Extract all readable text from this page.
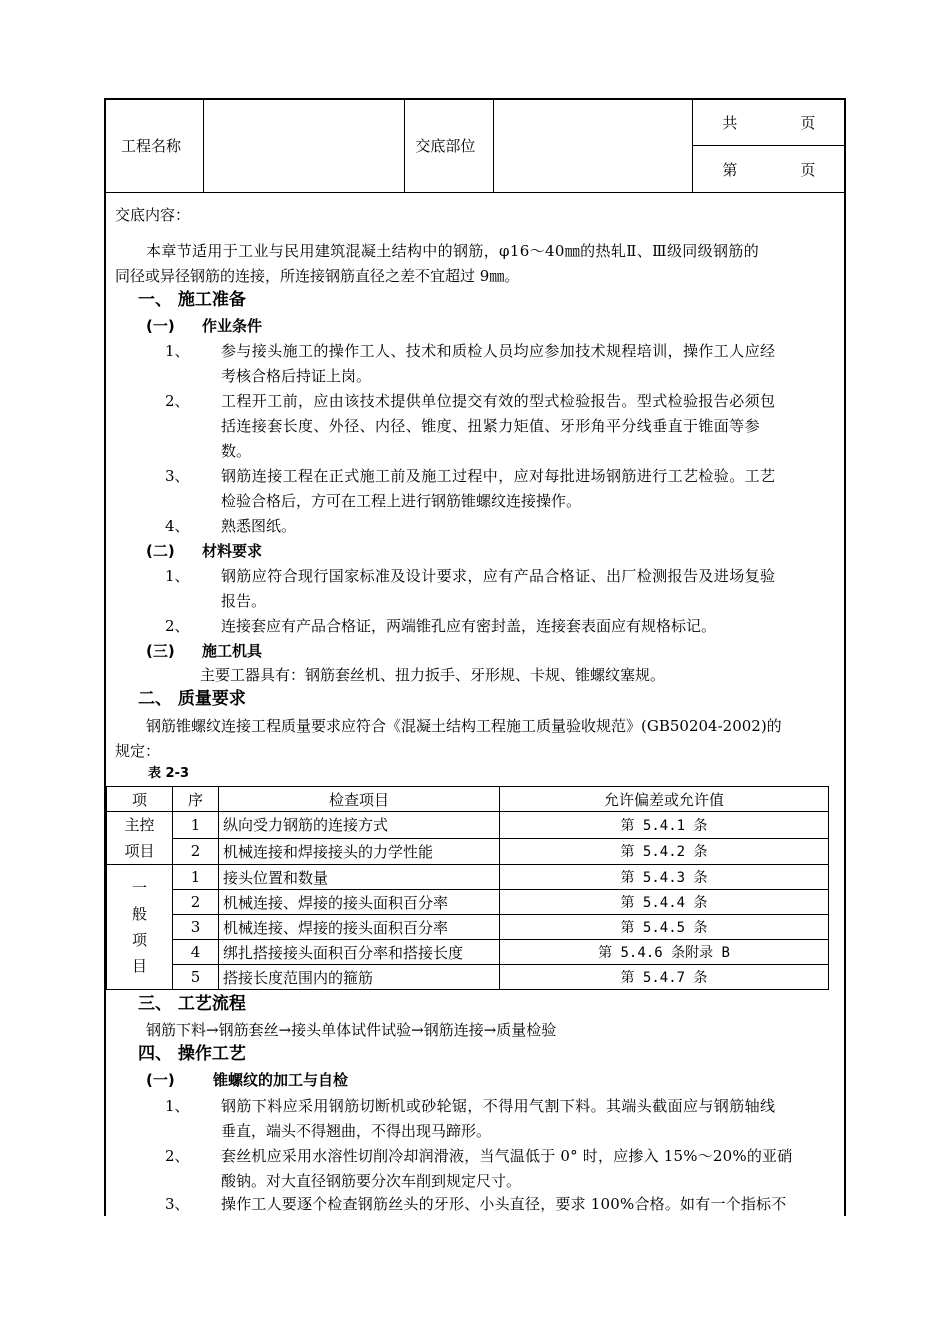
工程名称		交底部位		共	页
第	页
交底内容：
本章节适用于工业与民用建筑混凝土结构中的钢筋，φ16～40㎜的热轧Ⅱ、Ⅲ级同级钢筋的
同径或异径钢筋的连接，所连接钢筋直径之差不宜超过 9㎜。
一、 施工准备
(一) 作业条件
1、 参与接头施工的操作工人、技术和质检人员均应参加技术规程培训，操作工人应经
考核合格后持证上岗。
2、 工程开工前，应由该技术提供单位提交有效的型式检验报告。型式检验报告必须包
括连接套长度、外径、内径、锥度、扭紧力矩值、牙形角平分线垂直于锥面等参
数。
3、 钢筋连接工程在正式施工前及施工过程中，应对每批进场钢筋进行工艺检验。工艺
检验合格后，方可在工程上进行钢筋锥螺纹连接操作。
4、 熟悉图纸。
(二) 材料要求
1、 钢筋应符合现行国家标准及设计要求，应有产品合格证、出厂检测报告及进场复验
报告。
2、 连接套应有产品合格证，两端锥孔应有密封盖，连接套表面应有规格标记。
(三) 施工机具
主要工器具有：钢筋套丝机、扭力扳手、牙形规、卡规、锥螺纹塞规。
二、 质量要求
钢筋锥螺纹连接工程质量要求应符合《混凝土结构工程施工质量验收规范》(GB50204-2002)的
规定：
表 2-3
项	序	检查项目	允许偏差或允许值
主控
项目	1	纵向受力钢筋的连接方式	第 5.4.1 条
	2	机械连接和焊接接头的力学性能	第 5.4.2 条
一
般
项
目	1	接头位置和数量	第 5.4.3 条
	2	机械连接、焊接的接头面积百分率	第 5.4.4 条
	3	机械连接、焊接的接头面积百分率	第 5.4.5 条
	4	绑扎搭接接头面积百分率和搭接长度	第 5.4.6 条附录 B
	5	搭接长度范围内的箍筋	第 5.4.7 条
三、 工艺流程
钢筋下料→钢筋套丝→接头单体试件试验→钢筋连接→质量检验
四、 操作工艺
(一)	锥螺纹的加工与自检
1、 钢筋下料应采用钢筋切断机或砂轮锯，不得用气割下料。其端头截面应与钢筋轴线
垂直，端头不得翘曲，不得出现马蹄形。
2、 套丝机应采用水溶性切削冷却润滑液，当气温低于 0° 时，应掺入 15%～20%的亚硝
酸钠。对大直径钢筋要分次车削到规定尺寸。
3、 操作工人要逐个检查钢筋丝头的牙形、小头直径，要求 100%合格。如有一个指标不
